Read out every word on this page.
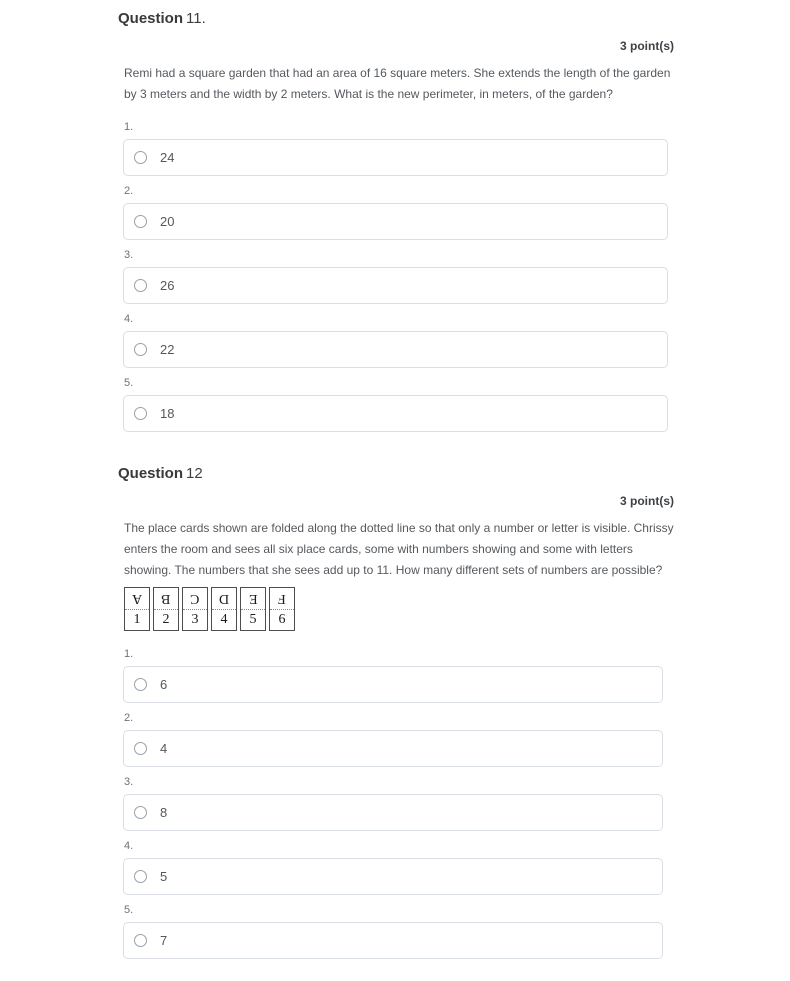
Question 11.
3 point(s)
Remi had a square garden that had an area of 16 square meters. She extends the length of the garden by 3 meters and the width by 2 meters. What is the new perimeter, in meters, of the garden?
1.
24
2.
20
3.
26
4.
22
5.
18
Question 12
3 point(s)
The place cards shown are folded along the dotted line so that only a number or letter is visible. Chrissy enters the room and sees all six place cards, some with numbers showing and some with letters showing. The numbers that she sees add up to 11. How many different sets of numbers are possible?
A
1
B
2
C
3
D
4
E
5
F
6
1.
6
2.
4
3.
8
4.
5
5.
7
